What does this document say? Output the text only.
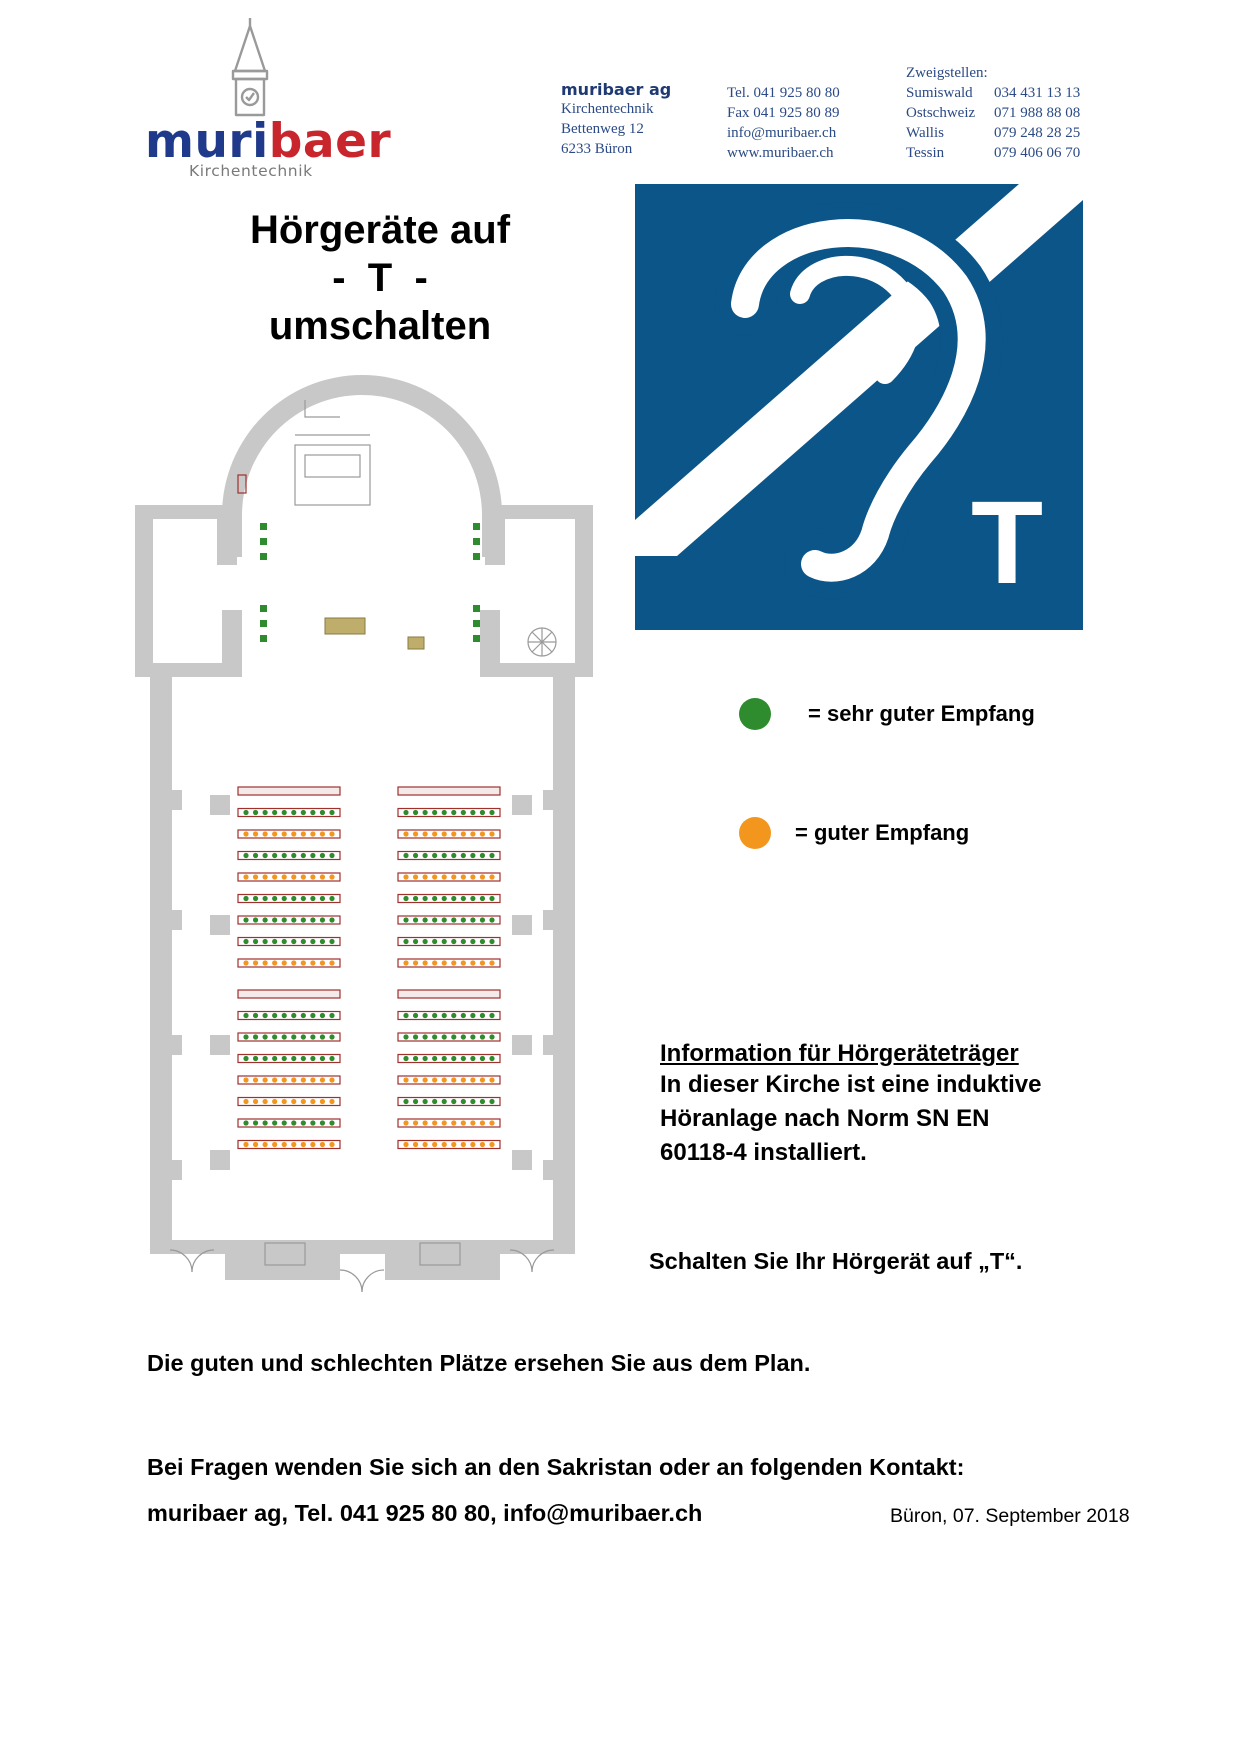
muribaer
Kirchentechnik
muribaer ag
Kirchentechnik
Bettenweg 12
6233 Büron
Tel. 041 925 80 80
Fax 041 925 80 89
info@muribaer.ch
www.muribaer.ch
Zweigstellen:
Sumiswald	034 431 13 13
Ostschweiz	071 988 88 08
Wallis	079 248 28 25
Tessin	079 406 06 70
Hörgeräte auf
-  T  -
umschalten
T
= sehr guter Empfang
= guter Empfang
Information für Hörgeräteträger
In dieser Kirche ist eine induktive
Höranlage nach Norm SN EN
60118-4 installiert.
Schalten Sie Ihr Hörgerät auf „T“.
Die guten und schlechten Plätze ersehen Sie aus dem Plan.
Bei Fragen wenden Sie sich an den Sakristan oder an folgenden Kontakt:
muribaer ag, Tel. 041 925 80 80, info@muribaer.ch	Büron, 07. September 2018
